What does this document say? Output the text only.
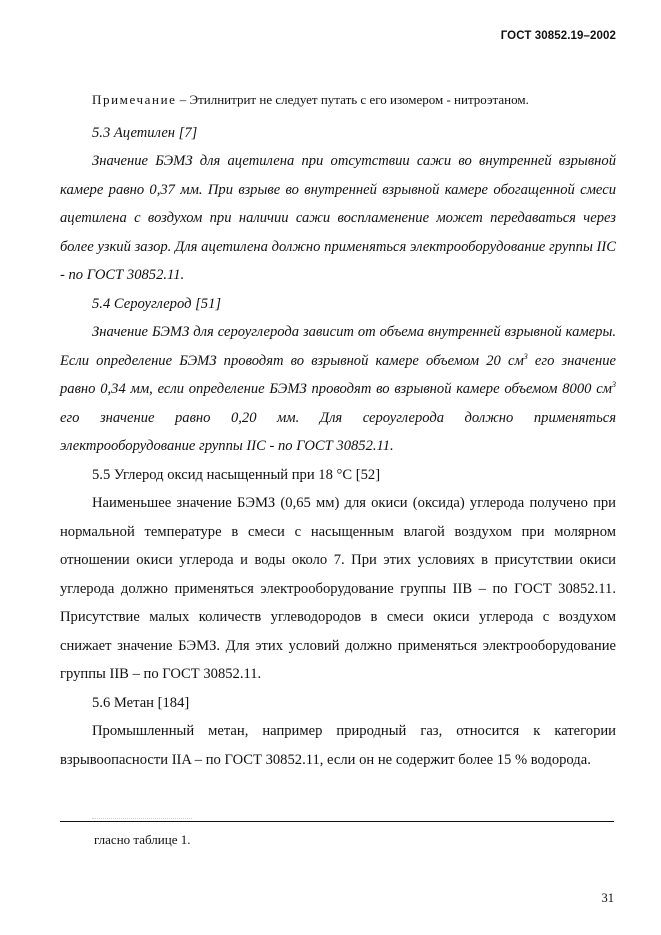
ГОСТ 30852.19–2002

Примечание – Этилнитрит не следует путать с его изомером - нитроэтаном.

5.3 Ацетилен [7]

Значение БЭМЗ для ацетилена при отсутствии сажи во внутренней взрывной камере равно 0,37 мм. При взрыве во внутренней взрывной камере обогащенной смеси ацетилена с воздухом при наличии сажи воспламенение может передаваться через более узкий зазор. Для ацетилена должно применяться электрооборудование группы IIC - по ГОСТ 30852.11.

5.4 Сероуглерод [51]

Значение БЭМЗ для сероуглерода зависит от объема внутренней взрывной камеры. Если определение БЭМЗ проводят во взрывной камере объемом 20 $см^3$ его значение равно 0,34 мм, если определение БЭМЗ проводят во взрывной камере объемом 8000 $см^3$ его значение равно 0,20 мм. Для сероуглерода должно применяться электрооборудование группы IIC - по ГОСТ 30852.11.

5.5 Углерод оксид насыщенный при 18 °С [52]

Наименьшее значение БЭМЗ (0,65 мм) для окиси (оксида) углерода получено при нормальной температуре в смеси с насыщенным влагой воздухом при молярном отношении окиси углерода и воды около 7. При этих условиях в присутствии окиси углерода должно применяться электрооборудование группы IIB – по ГОСТ 30852.11. Присутствие малых количеств углеводородов в смеси окиси углерода с воздухом снижает значение БЭМЗ. Для этих условий должно применяться электрооборудование группы IIB – по ГОСТ 30852.11.

5.6 Метан [184]

Промышленный метан, например природный газ, относится к категории взрывоопасности IIA – по ГОСТ 30852.11, если он не содержит более 15 % водорода.

гласно таблице 1.
31
